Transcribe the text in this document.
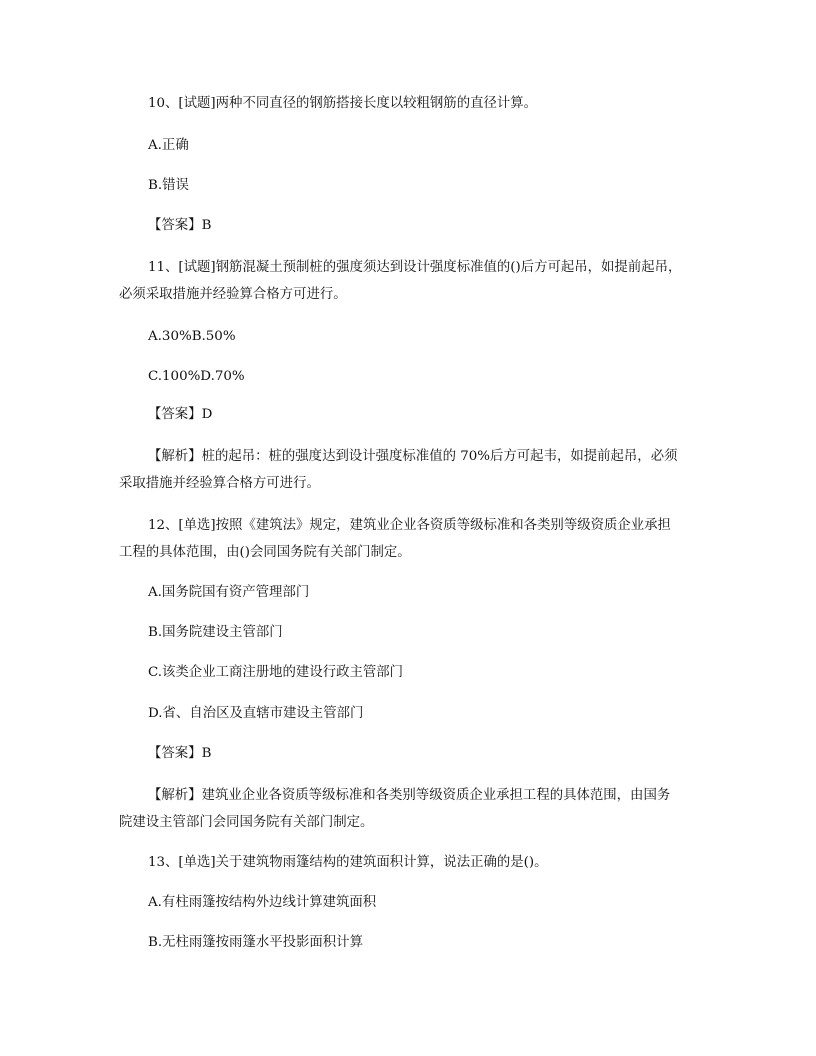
10、[试题]两种不同直径的钢筋搭接长度以较粗钢筋的直径计算。
A.正确
B.错误
【答案】B
11、[试题]钢筋混凝土预制桩的强度须达到设计强度标准值的()后方可起吊，如提前起吊，
必须采取措施并经验算合格方可进行。
A.30%B.50%
C.100%D.70%
【答案】D
【解析】桩的起吊：桩的强度达到设计强度标准值的 70%后方可起韦，如提前起吊，必须
采取措施并经验算合格方可进行。
12、[单选]按照《建筑法》规定，建筑业企业各资质等级标准和各类别等级资质企业承担
工程的具体范围，由()会同国务院有关部门制定。
A.国务院国有资产管理部门
B.国务院建设主管部门
C.该类企业工商注册地的建设行政主管部门
D.省、自治区及直辖市建设主管部门
【答案】B
【解析】建筑业企业各资质等级标准和各类别等级资质企业承担工程的具体范围，由国务
院建设主管部门会同国务院有关部门制定。
13、[单选]关于建筑物雨篷结构的建筑面积计算，说法正确的是()。
A.有柱雨篷按结构外边线计算建筑面积
B.无柱雨篷按雨篷水平投影面积计算
